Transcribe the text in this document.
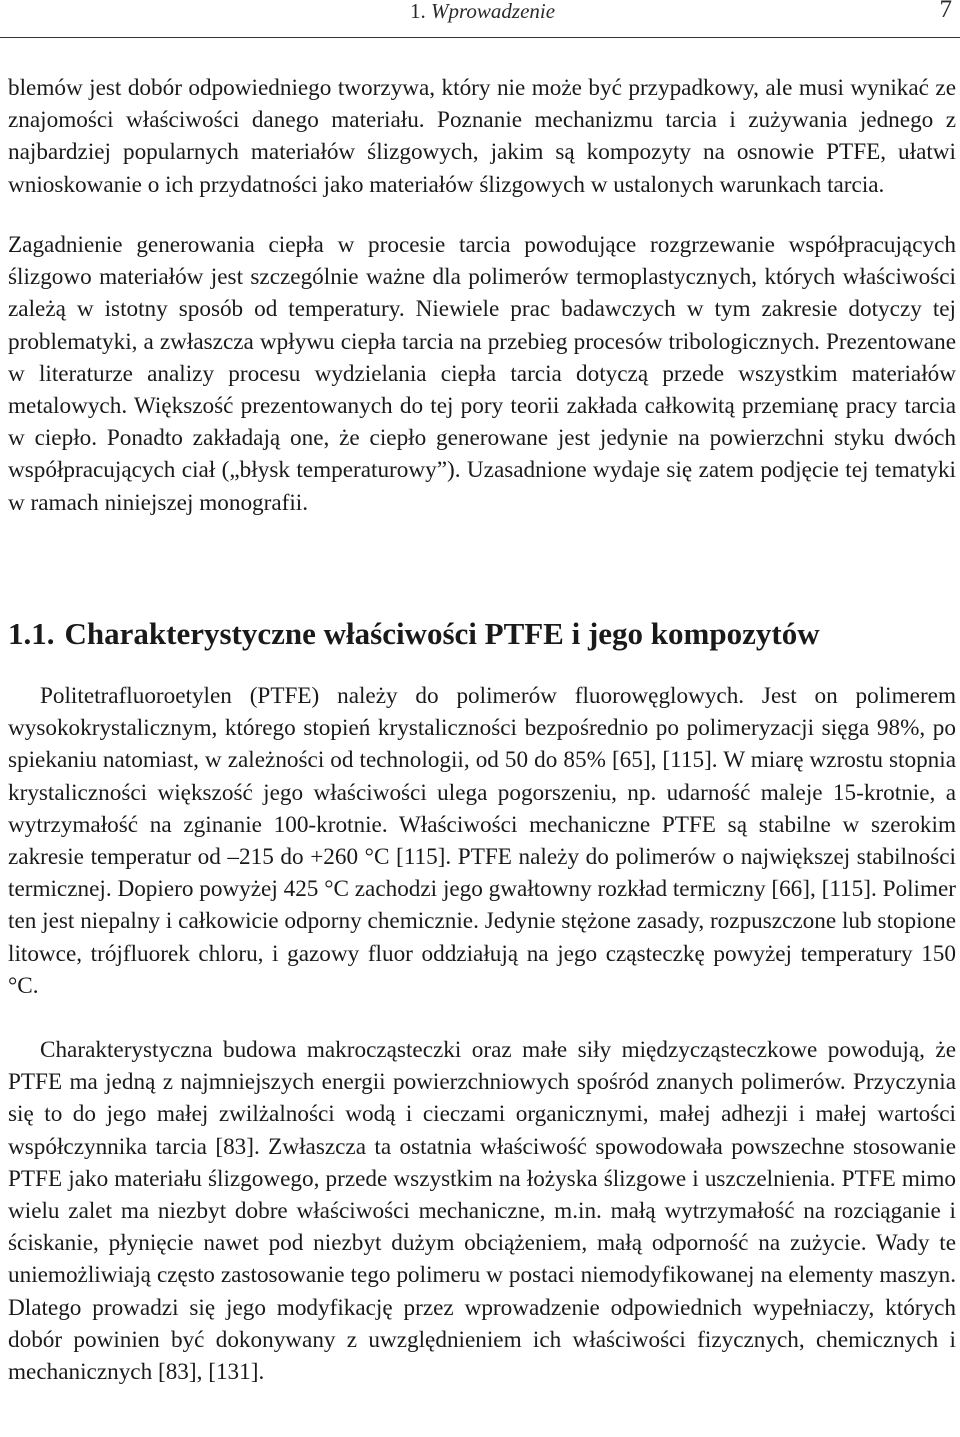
1. Wprowadzenie	7

blemów jest dobór odpowiedniego tworzywa, który nie może być przypadkowy, ale musi wynikać ze znajomości właściwości danego materiału. Poznanie mechanizmu tarcia i zużywania jednego z najbardziej popularnych materiałów ślizgowych, jakim są kompozyty na osnowie PTFE, ułatwi wnioskowanie o ich przydatności jako materiałów ślizgowych w ustalonych warunkach tarcia.

Zagadnienie generowania ciepła w procesie tarcia powodujące rozgrzewanie współpracujących ślizgowo materiałów jest szczególnie ważne dla polimerów termoplastycznych, których właściwości zależą w istotny sposób od temperatury. Niewiele prac badawczych w tym zakresie dotyczy tej problematyki, a zwłaszcza wpływu ciepła tarcia na przebieg procesów tribologicznych. Prezentowane w literaturze analizy procesu wydzielania ciepła tarcia dotyczą przede wszystkim materiałów metalowych. Większość prezentowanych do tej pory teorii zakłada całkowitą przemianę pracy tarcia w ciepło. Ponadto zakładają one, że ciepło generowane jest jedynie na powierzchni styku dwóch współpracujących ciał („błysk temperaturowy”). Uzasadnione wydaje się zatem podjęcie tej tematyki w ramach niniejszej monografii.

1.1. Charakterystyczne właściwości PTFE i jego kompozytów

Politetrafluoroetylen (PTFE) należy do polimerów fluorowęglowych. Jest on polimerem wysokokrystalicznym, którego stopień krystaliczności bezpośrednio po polimeryzacji sięga 98%, po spiekaniu natomiast, w zależności od technologii, od 50 do 85% [65], [115]. W miarę wzrostu stopnia krystaliczności większość jego właściwości ulega pogorszeniu, np. udarność maleje 15-krotnie, a wytrzymałość na zginanie 100-krotnie. Właściwości mechaniczne PTFE są stabilne w szerokim zakresie temperatur od –215 do +260 °C [115]. PTFE należy do polimerów o największej stabilności termicznej. Dopiero powyżej 425 °C zachodzi jego gwałtowny rozkład termiczny [66], [115]. Polimer ten jest niepalny i całkowicie odporny chemicznie. Jedynie stężone zasady, rozpuszczone lub stopione litowce, trójfluorek chloru, i gazowy fluor oddziałują na jego cząsteczkę powyżej temperatury 150 °C.

Charakterystyczna budowa makrocząsteczki oraz małe siły międzycząsteczkowe powodują, że PTFE ma jedną z najmniejszych energii powierzchniowych spośród znanych polimerów. Przyczynia się to do jego małej zwilżalności wodą i cieczami organicznymi, małej adhezji i małej wartości współczynnika tarcia [83]. Zwłaszcza ta ostatnia właściwość spowodowała powszechne stosowanie PTFE jako materiału ślizgowego, przede wszystkim na łożyska ślizgowe i uszczelnienia. PTFE mimo wielu zalet ma niezbyt dobre właściwości mechaniczne, m.in. małą wytrzymałość na rozciąganie i ściskanie, płynięcie nawet pod niezbyt dużym obciążeniem, małą odporność na zużycie. Wady te uniemożliwiają często zastosowanie tego polimeru w postaci niemodyfikowanej na elementy maszyn. Dlatego prowadzi się jego modyfikację przez wprowadzenie odpowiednich wypełniaczy, których dobór powinien być dokonywany z uwzględnieniem ich właściwości fizycznych, chemicznych i mechanicznych [83], [131].
